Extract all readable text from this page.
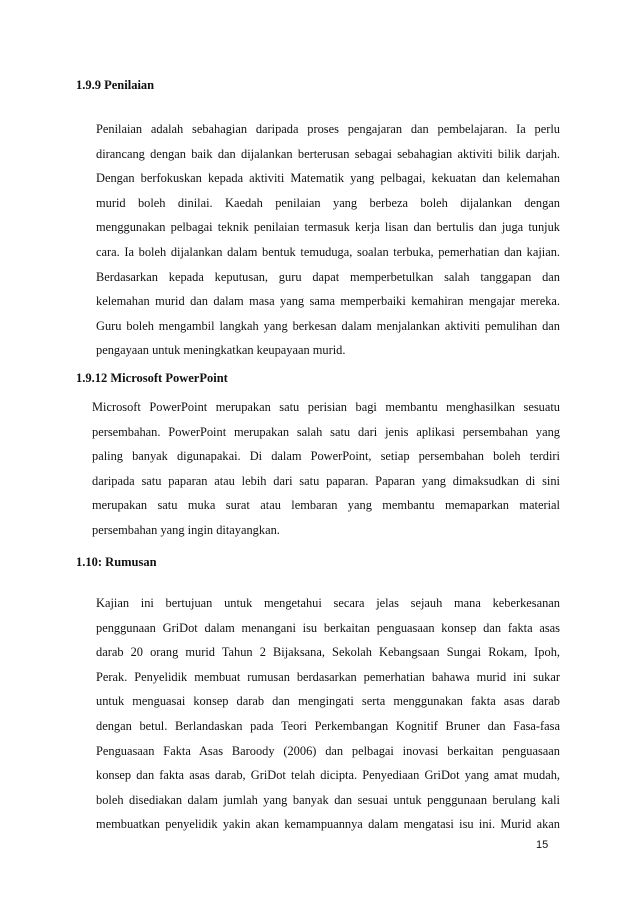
1.9.9 Penilaian
Penilaian adalah sebahagian daripada proses pengajaran dan pembelajaran. Ia perlu
dirancang dengan baik dan dijalankan berterusan sebagai sebahagian aktiviti bilik darjah.
Dengan berfokuskan kepada aktiviti Matematik yang pelbagai, kekuatan dan kelemahan
murid boleh dinilai. Kaedah penilaian yang berbeza boleh dijalankan dengan
menggunakan pelbagai teknik penilaian termasuk kerja lisan dan bertulis dan juga tunjuk
cara. Ia boleh dijalankan dalam bentuk temuduga, soalan terbuka, pemerhatian dan kajian.
Berdasarkan kepada keputusan, guru dapat memperbetulkan salah tanggapan dan
kelemahan murid dan dalam masa yang sama memperbaiki kemahiran mengajar mereka.
Guru boleh mengambil langkah yang berkesan dalam menjalankan aktiviti pemulihan dan
pengayaan untuk meningkatkan keupayaan murid.
1.9.12 Microsoft PowerPoint
Microsoft PowerPoint merupakan satu perisian bagi membantu menghasilkan sesuatu
persembahan. PowerPoint merupakan salah satu dari jenis aplikasi persembahan yang
paling banyak digunapakai. Di dalam PowerPoint, setiap persembahan boleh terdiri
daripada satu paparan atau lebih dari satu paparan. Paparan yang dimaksudkan di sini
merupakan satu muka surat atau lembaran yang membantu memaparkan material
persembahan yang ingin ditayangkan.
1.10: Rumusan
Kajian ini bertujuan untuk mengetahui secara jelas sejauh mana keberkesanan
penggunaan GriDot dalam menangani isu berkaitan penguasaan konsep dan fakta asas
darab 20 orang murid Tahun 2 Bijaksana, Sekolah Kebangsaan Sungai Rokam, Ipoh,
Perak. Penyelidik membuat rumusan berdasarkan pemerhatian bahawa murid ini sukar
untuk menguasai konsep darab dan mengingati serta menggunakan fakta asas darab
dengan betul. Berlandaskan pada Teori Perkembangan Kognitif Bruner dan Fasa-fasa
Penguasaan Fakta Asas Baroody (2006) dan pelbagai inovasi berkaitan penguasaan
konsep dan fakta asas darab, GriDot telah dicipta. Penyediaan GriDot yang amat mudah,
boleh disediakan dalam jumlah yang banyak dan sesuai untuk penggunaan berulang kali
membuatkan penyelidik yakin akan kemampuannya dalam mengatasi isu ini. Murid akan
15
